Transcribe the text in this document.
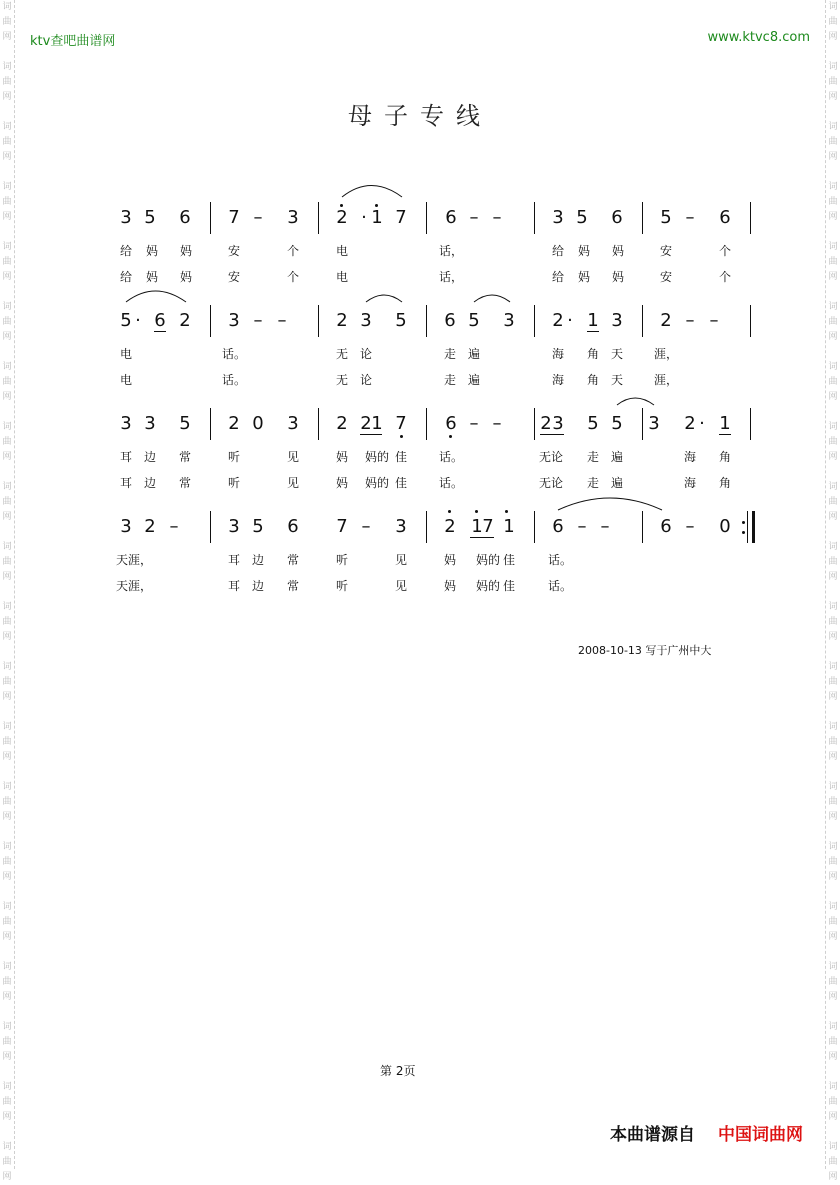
ktv查吧曲谱网	www.ktvc8.com
母子专线
3 5 6 7 – 3 2 · 1 7 6 – –	3 5 6 5 – 6
给 妈 妈	安	个	电	话，	给 妈 妈	安	个
给 妈 妈	安	个	电	话，	给 妈 妈	安	个
5 · 6 2 3 – –	2 3 5 6 5 3 2 · 1 3 2 – –
电	话。	无 论	走 遍	海 角 天	涯，
电	话。	无 论	走 遍	海 角 天	涯，
3 3 5 2 0 3 2 2 1 7 6 – – 2 3 5 5 3 2 · 1
耳 边 常	听	见	妈 妈的 佳	话。	无论 走 遍	海 角
耳 边 常	听	见	妈 妈的 佳	话。	无论 走 遍	海 角
3 2 –	3 5 6 7 – 3 2 1 7 1 6 – –	6 – 0
天涯，	耳 边 常	听	见	妈 妈的 佳	话。
天涯，	耳 边 常	听	见	妈 妈的 佳	话。
2008-10-13 写于广州中大
第 2页
本曲谱源自 中国词曲网
词
曲
网
词
曲
网
词
曲
网
词
曲
网
词
曲
网
词
曲
网
词
曲
网
词
曲
网
词
曲
网
词
曲
网
词
曲
网
词
曲
网
词
曲
网
词
曲
网
词
曲
网
词
曲
网
词
曲
网
词
曲
网
词
曲
网
词
曲
网
词
曲
网
词
曲
网
词
曲
网
词
曲
网
词
曲
网
词
曲
网
词
曲
网
词
曲
网
词
曲
网
词
曲
网
词
曲
网
词
曲
网
词
曲
网
词
曲
网
词
曲
网
词
曲
网
词
曲
网
词
曲
网
词
曲
网
词
曲
网
